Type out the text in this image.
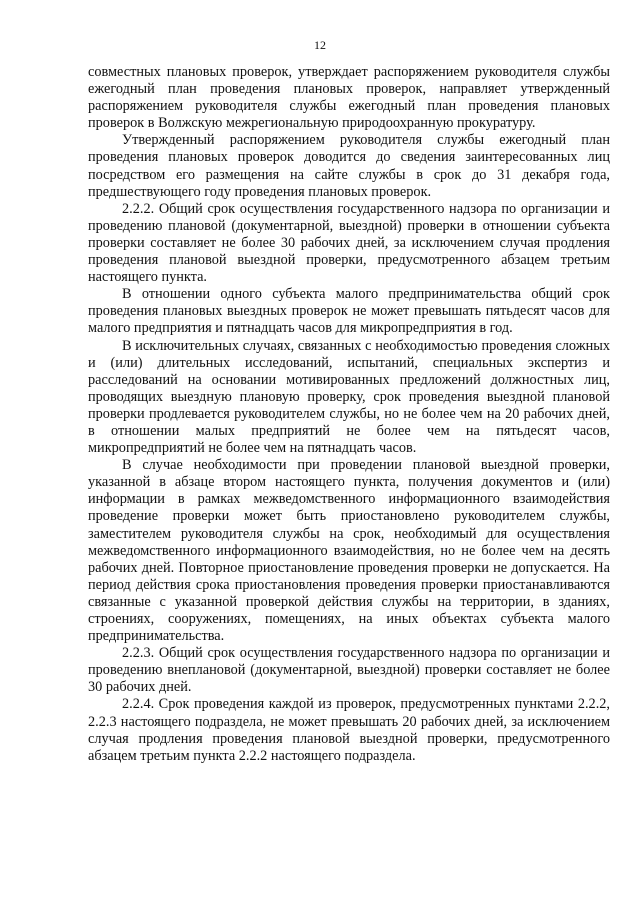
12

совместных плановых проверок, утверждает распоряжением руководителя службы ежегодный план проведения плановых проверок, направляет утвержденный распоряжением руководителя службы ежегодный план проведения плановых проверок в Волжскую межрегиональную природоохранную прокуратуру.

Утвержденный распоряжением руководителя службы ежегодный план проведения плановых проверок доводится до сведения заинтересованных лиц посредством его размещения на сайте службы в срок до 31 декабря года, предшествующего году проведения плановых проверок.

2.2.2. Общий срок осуществления государственного надзора по организации и проведению плановой (документарной, выездной) проверки в отношении субъекта проверки составляет не более 30 рабочих дней, за исключением случая продления проведения плановой выездной проверки, предусмотренного абзацем третьим настоящего пункта.

В отношении одного субъекта малого предпринимательства общий срок проведения плановых выездных проверок не может превышать пятьдесят часов для малого предприятия и пятнадцать часов для микропредприятия в год.

В исключительных случаях, связанных с необходимостью проведения сложных и (или) длительных исследований, испытаний, специальных экспертиз и расследований на основании мотивированных предложений должностных лиц, проводящих выездную плановую проверку, срок проведения выездной плановой проверки продлевается руководителем службы, но не более чем на 20 рабочих дней, в отношении малых предприятий не более чем на пятьдесят часов, микропредприятий не более чем на пятнадцать часов.

В случае необходимости при проведении плановой выездной проверки, указанной в абзаце втором настоящего пункта, получения документов и (или) информации в рамках межведомственного информационного взаимодействия проведение проверки может быть приостановлено руководителем службы, заместителем руководителя службы на срок, необходимый для осуществления межведомственного информационного взаимодействия, но не более чем на десять рабочих дней. Повторное приостановление проведения проверки не допускается. На период действия срока приостановления проведения проверки приостанавливаются связанные с указанной проверкой действия службы на территории, в зданиях, строениях, сооружениях, помещениях, на иных объектах субъекта малого предпринимательства.

2.2.3. Общий срок осуществления государственного надзора по организации и проведению внеплановой (документарной, выездной) проверки составляет не более 30 рабочих дней.

2.2.4. Срок проведения каждой из проверок, предусмотренных пунктами 2.2.2, 2.2.3 настоящего подраздела, не может превышать 20 рабочих дней, за исключением случая продления проведения плановой выездной проверки, предусмотренного абзацем третьим пункта 2.2.2 настоящего подраздела.
